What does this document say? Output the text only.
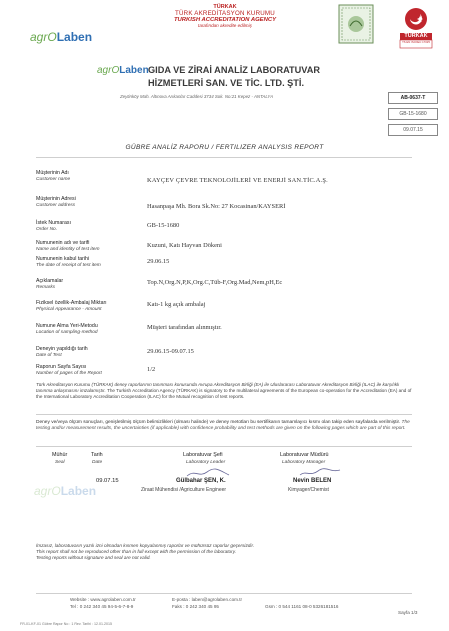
TÜRKAK
TÜRK AKREDİTASYON KURUMU
TURKISH ACCREDITATION AGENCY
tarafından akredite edilmiş
agrOLaben	TÜRKAK
TS EN ISO/IEC 17025
agrOLaben GIDA VE ZİRAİ ANALİZ LABORATUVAR
HİZMETLERİ SAN. VE TİC. LTD. ŞTİ.
Zeytinköy Mah. Altınova Arıkanlar Caddesi 3734 Sok. No:21 Kepez - ANTALYA	AB-0637-T
GB-15-1680
09.07.15
GÜBRE ANALİZ RAPORU / FERTILIZER ANALYSIS REPORT
Müşterinin Adı
Customer name	KAYÇEV ÇEVRE TEKNOLOJİLERİ VE ENERJİ SAN.TİC.A.Ş.
Müşterinin Adresi
Customer address	Hasanpaşa Mh. Bora Sk.No: 27 Kocasinan/KAYSERİ
İstek Numarası
Order No.
GB-15-1680
Numunenin adı ve tarifi
Name and identity of test item
Kuzuni, Katı Hayvan Dökeni
Numunenin kabul tarihi
The date of receipt of test item
29.06.15
Açıklamalar
Remarks
Top.N,Org.N,P,K,Org.C,Tüb-F,Org.Mad,Nem,pH,Ec
Fiziksel özellik-Ambalaj Miktarı
Physical Appearance - Amount
Katı-1 kg açık ambalaj
Numune Alma Yeri-Metodu
Location of sampling-method
Müşteri tarafından alınmıştır.
Deneyin yapıldığı tarih
Date of Test
29.06.15-09.07.15
Raporun Sayfa Sayısı
Number of pages of the Report
1/2
Türk Akreditasyon Kurumu (TÜRKAK) deney raporlarının tanınması konusunda Avrupa Akreditasyon Birliği (EA) ile Uluslararası Laboratuvar Akreditasyon Birliği (ILAC) ile karşılıklı tanınma anlaşmasını imzalamıştır. The Turkish Accreditation Agency (TÜRKAK) is signatory to the multilateral agreements of the European co-operation for the Accreditation (EA) and of the International Laboratory Accreditation Cooperation (ILAC) for the Mutual recognition of test reports.
Deney ve/veya ölçüm sonuçları, genişletilmiş ölçüm belirsizlikleri (olması halinde) ve deney metotları bu sertifikanın tamamlayıcı kısmı olan takip eden sayfalarda verilmiştir. The testing and/or measurement results, the uncertainties (if applicable) with confidence probability and test methods are given on the following pages which are part of this report.
Mühür
Seal
Tarih
Date
Laboratuvar Şefi
Laboratory Leader
Laboratuvar Müdürü
Laboratory Manager
agrOLaben
09.07.15	Gülbahar ŞEN, K.
Ziraat Mühendisi /Agriculture Engineer
Nevin BELEN
Kimyager/Chemist
İmzasız, laboratuvarın yazılı izni olmadan kısmen kopyalanmış raporlar ve mühürsüz raporlar geçersizdir.
This report shall not be reproduced other than in full except with the permission of the laboratory.
Testing reports without signature and seal are not valid.
Website : www.agrolaben.com.tr	E-posta : laben@agrolaben.com.tr
Tel : 0 242 340 45 94-5-6-7-8-9	Faks : 0 242 340 45 95	Gsm : 0 544 1161 08-0 5326181516
Sayfa 1/3
FR-01-KF-01 Gübre Rapor No : 1 Rev. Tarihi : 12.01.2015
